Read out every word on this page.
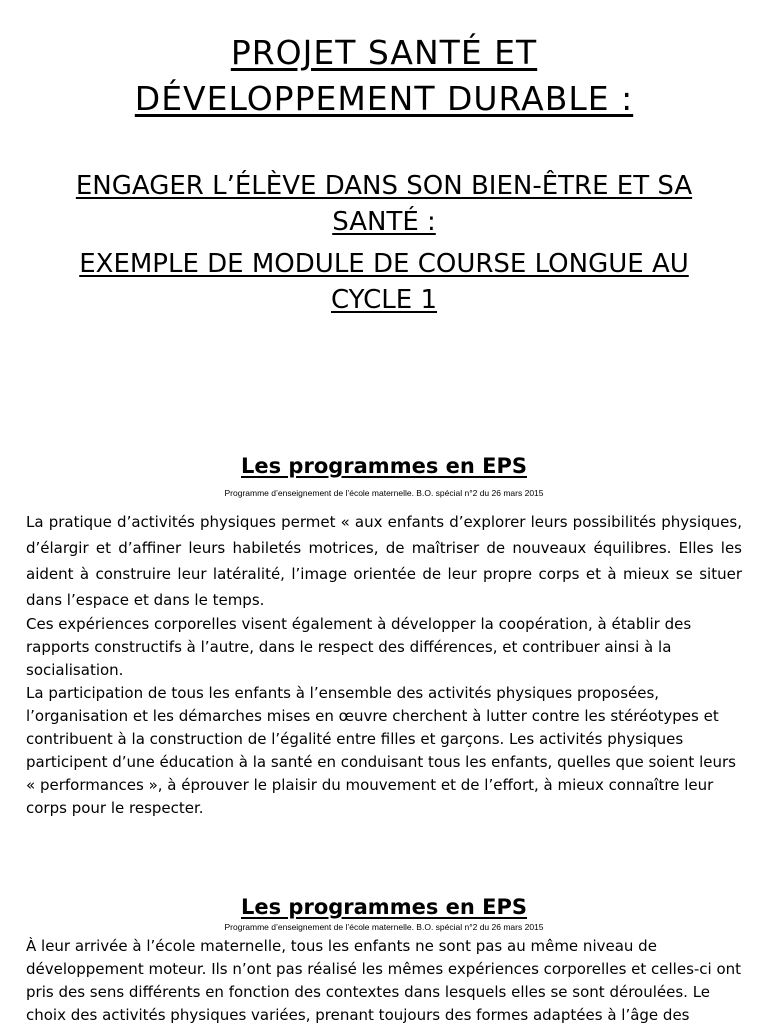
PROJET SANTÉ ET
DÉVELOPPEMENT DURABLE :
ENGAGER L’ÉLÈVE DANS SON BIEN-ÊTRE ET SA
SANTÉ :
EXEMPLE DE MODULE DE COURSE LONGUE AU
CYCLE 1
Les programmes en EPS
Programme d’enseignement de l’école maternelle. B.O. spécial n°2 du 26 mars 2015

La pratique d’activités physiques permet « aux enfants d’explorer leurs possibilités physiques, d’élargir et d’affiner leurs habiletés motrices, de maîtriser de nouveaux équilibres. Elles les aident à construire leur latéralité, l’image orientée de leur propre corps et à mieux se situer dans l’espace et dans le temps.

Ces expériences corporelles visent également à développer la coopération, à établir des rapports constructifs à l’autre, dans le respect des différences, et contribuer ainsi à la socialisation.

La participation de tous les enfants à l’ensemble des activités physiques proposées, l’organisation et les démarches mises en œuvre cherchent à lutter contre les stéréotypes et contribuent à la construction de l’égalité entre filles et garçons. Les activités physiques participent d’une éducation à la santé en conduisant tous les enfants, quelles que soient leurs « performances », à éprouver le plaisir du mouvement et de l’effort, à mieux connaître leur corps pour le respecter.

Les programmes en EPS
Programme d’enseignement de l’école maternelle. B.O. spécial n°2 du 26 mars 2015

À leur arrivée à l’école maternelle, tous les enfants ne sont pas au même niveau de développement moteur. Ils n’ont pas réalisé les mêmes expériences corporelles et celles-ci ont pris des sens différents en fonction des contextes dans lesquels elles se sont déroulées. Le choix des activités physiques variées, prenant toujours des formes adaptées à l’âge des
